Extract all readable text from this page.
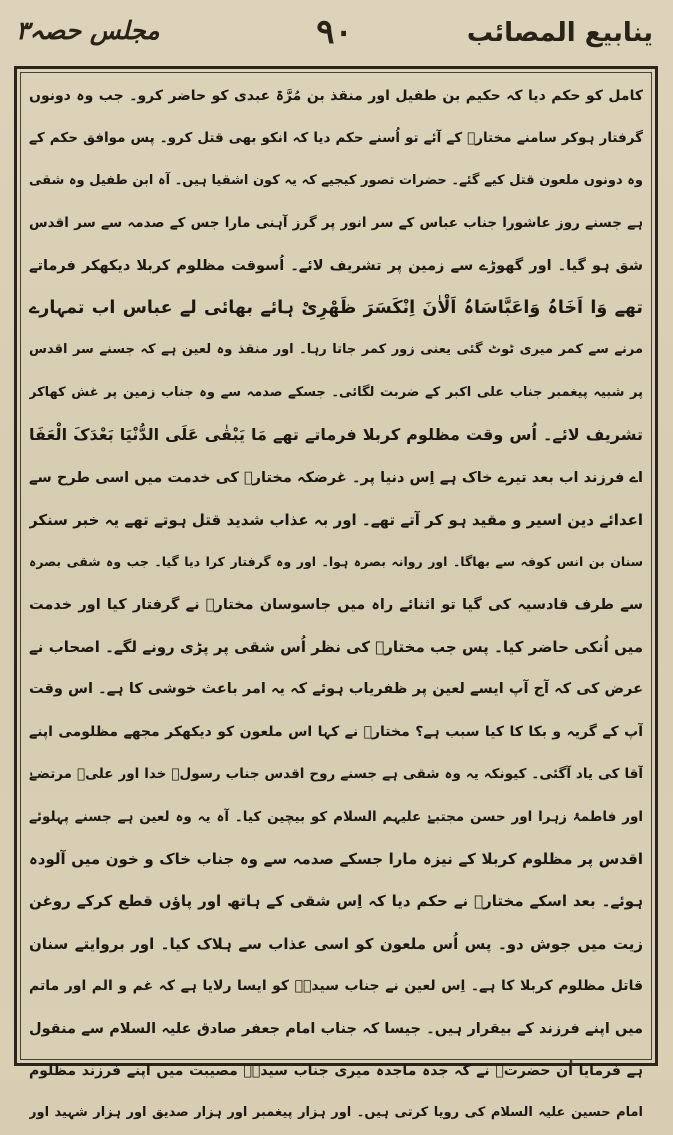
ینابیع المصائب
۹۰
مجلس حصہ۳
کامل کو حکم دیا کہ حکیم بن طفیل اور منقذ بن مُرَّۃ عبدی کو حاضر کرو۔ جب وہ دونوں
گرفتار ہوکر سامنے مختارؓ کے آئے تو اُسنے حکم دیا کہ انکو بھی قتل کرو۔ پس موافق حکم کے
وہ دونوں ملعون قتل کیے گئے۔ حضرات تصور کیجیے کہ یہ کون اشقیا ہیں۔ آہ ابن طفیل وہ شقی
ہے جسنے روز عاشورا جناب عباس کے سر انور پر گرز آہنی مارا جس کے صدمہ سے سر اقدس
شق ہو گیا۔ اور گھوڑے سے زمین پر تشریف لائے۔ اُسوقت مظلوم کربلا دیکھکر فرماتے
تھے وَا اَخَاہُ وَاعَبَّاسَاہُ اَلْاٰنَ اِنْکَسَرَ ظَھْرِیْ ہائے بھائی لے عباس اب تمہارے
مرنے سے کمر میری ٹوٹ گئی یعنی زور کمر جاتا رہا۔ اور منقذ وہ لعین ہے کہ جسنے سر اقدس
پر شبیہ پیغمبر جناب علی اکبر کے ضربت لگائی۔ جسکے صدمہ سے وہ جناب زمین پر غش کھاکر
تشریف لائے۔ اُس وقت مظلوم کربلا فرماتے تھے مَا یَبْقٰی عَلَی الدُّنْیَا بَعْدَکَ الْعَفَا
اے فرزند اب بعد تیرے خاک ہے اِس دنیا پر۔ غرضکہ مختارؓ کی خدمت میں اسی طرح سے
اعدائے دین اسیر و مقید ہو کر آتے تھے۔ اور بہ عذاب شدید قتل ہوتے تھے یہ خبر سنکر
سنان بن انس کوفہ سے بھاگا۔ اور روانہ بصرہ ہوا۔ اور وہ گرفتار کرا دیا گیا۔ جب وہ شقی بصرہ
سے طرف قادسیہ کی گیا تو اثنائے راہ میں جاسوسان مختارؓ نے گرفتار کیا اور خدمت
میں اُنکی حاضر کیا۔ پس جب مختارؓ کی نظر اُس شقی پر پڑی رونے لگے۔ اصحاب نے
عرض کی کہ آج آپ ایسے لعین پر ظفریاب ہوئے کہ یہ امر باعث خوشی کا ہے۔ اس وقت
آپ کے گریہ و بکا کا کیا سبب ہے؟ مختارؓ نے کہا اس ملعون کو دیکھکر مجھے مظلومی اپنے
آقا کی یاد آگئی۔ کیونکہ یہ وہ شقی ہے جسنے روح اقدس جناب رسولؐ خدا اور علیؑ مرتضےٰ
اور فاطمۂ زہرا اور حسن مجتبےٰ علیہم السلام کو بیچین کیا۔ آہ یہ وہ لعین ہے جسنے پہلوئے
اقدس پر مظلوم کربلا کے نیزہ مارا جسکے صدمہ سے وہ جناب خاک و خون میں آلودہ
ہوئے۔ بعد اسکے مختارؓ نے حکم دیا کہ اِس شقی کے ہاتھ اور پاؤں قطع کرکے روغن
زیت میں جوش دو۔ پس اُس ملعون کو اسی عذاب سے ہلاک کیا۔ اور بروایتے سنان
قاتل مظلوم کربلا کا ہے۔ اِس لعین نے جناب سیدہؑ کو ایسا رلایا ہے کہ غم و الم اور ماتم
میں اپنے فرزند کے بیقرار ہیں۔ جیسا کہ جناب امام جعفر صادق علیہ السلام سے منقول
ہے فرمایا اُن حضرتؑ نے کہ جدہ ماجدہ میری جناب سیدہؑ مصیبت میں اپنے فرزند مظلوم
امام حسین علیہ السلام کی رویا کرتی ہیں۔ اور ہزار پیغمبر اور ہزار صدیق اور ہزار شہید اور
